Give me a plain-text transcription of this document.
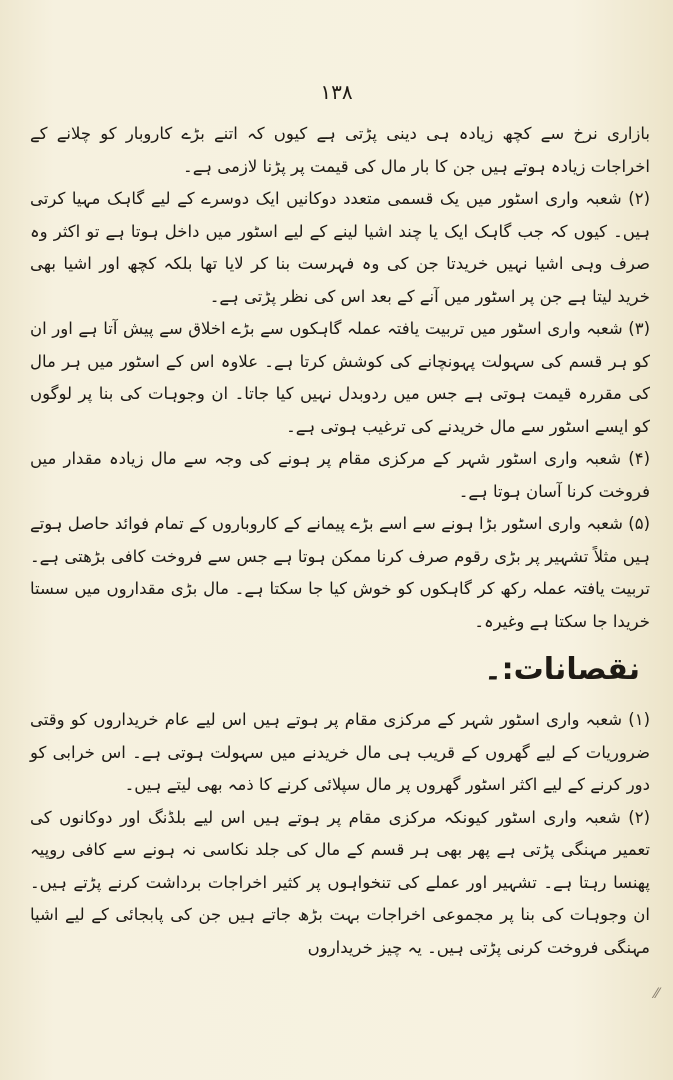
١٣٨

بازاری نرخ سے کچھ زیادہ ہی دینی پڑتی ہے کیوں کہ اتنے بڑے کاروبار کو چلانے کے اخراجات زیادہ ہوتے ہیں جن کا بار مال کی قیمت پر پڑنا لازمی ہے۔

(۲) شعبہ واری اسٹور میں یک قسمی متعدد دوکانیں ایک دوسرے کے لیے گاہک مہیا کرتی ہیں۔ کیوں کہ جب گاہک ایک یا چند اشیا لینے کے لیے اسٹور میں داخل ہوتا ہے تو اکثر وہ صرف وہی اشیا نہیں خریدتا جن کی وہ فہرست بنا کر لایا تھا بلکہ کچھ اور اشیا بھی خرید لیتا ہے جن پر اسٹور میں آنے کے بعد اس کی نظر پڑتی ہے۔

(۳) شعبہ واری اسٹور میں تربیت یافتہ عملہ گاہکوں سے بڑے اخلاق سے پیش آتا ہے اور ان کو ہر قسم کی سہولت پہونچانے کی کوشش کرتا ہے۔ علاوہ اس کے اسٹور میں ہر مال کی مقررہ قیمت ہوتی ہے جس میں ردوبدل نہیں کیا جاتا۔ ان وجوہات کی بنا پر لوگوں کو ایسے اسٹور سے مال خریدنے کی ترغیب ہوتی ہے۔

(۴) شعبہ واری اسٹور شہر کے مرکزی مقام پر ہونے کی وجہ سے مال زیادہ مقدار میں فروخت کرنا آسان ہوتا ہے۔

(۵) شعبہ واری اسٹور بڑا ہونے سے اسے بڑے پیمانے کے کاروباروں کے تمام فوائد حاصل ہوتے ہیں مثلاً تشہیر پر بڑی رقوم صرف کرنا ممکن ہوتا ہے جس سے فروخت کافی بڑھتی ہے۔ تربیت یافتہ عملہ رکھ کر گاہکوں کو خوش کیا جا سکتا ہے۔ مال بڑی مقداروں میں سستا خریدا جا سکتا ہے وغیرہ۔

نقصانات:۔

(۱) شعبہ واری اسٹور شہر کے مرکزی مقام پر ہوتے ہیں اس لیے عام خریداروں کو وقتی ضروریات کے لیے گھروں کے قریب ہی مال خریدنے میں سہولت ہوتی ہے۔ اس خرابی کو دور کرنے کے لیے اکثر اسٹور گھروں پر مال سپلائی کرنے کا ذمہ بھی لیتے ہیں۔

(۲) شعبہ واری اسٹور کیونکہ مرکزی مقام پر ہوتے ہیں اس لیے بلڈنگ اور دوکانوں کی تعمیر مہنگی پڑتی ہے پھر بھی ہر قسم کے مال کی جلد نکاسی نہ ہونے سے کافی روپیہ پھنسا رہتا ہے۔ تشہیر اور عملے کی تنخواہوں پر کثیر اخراجات برداشت کرنے پڑتے ہیں۔ ان وجوہات کی بنا پر مجموعی اخراجات بہت بڑھ جاتے ہیں جن کی پابجائی کے لیے اشیا مہنگی فروخت کرنی پڑتی ہیں۔ یہ چیز خریداروں

⁄⁄
